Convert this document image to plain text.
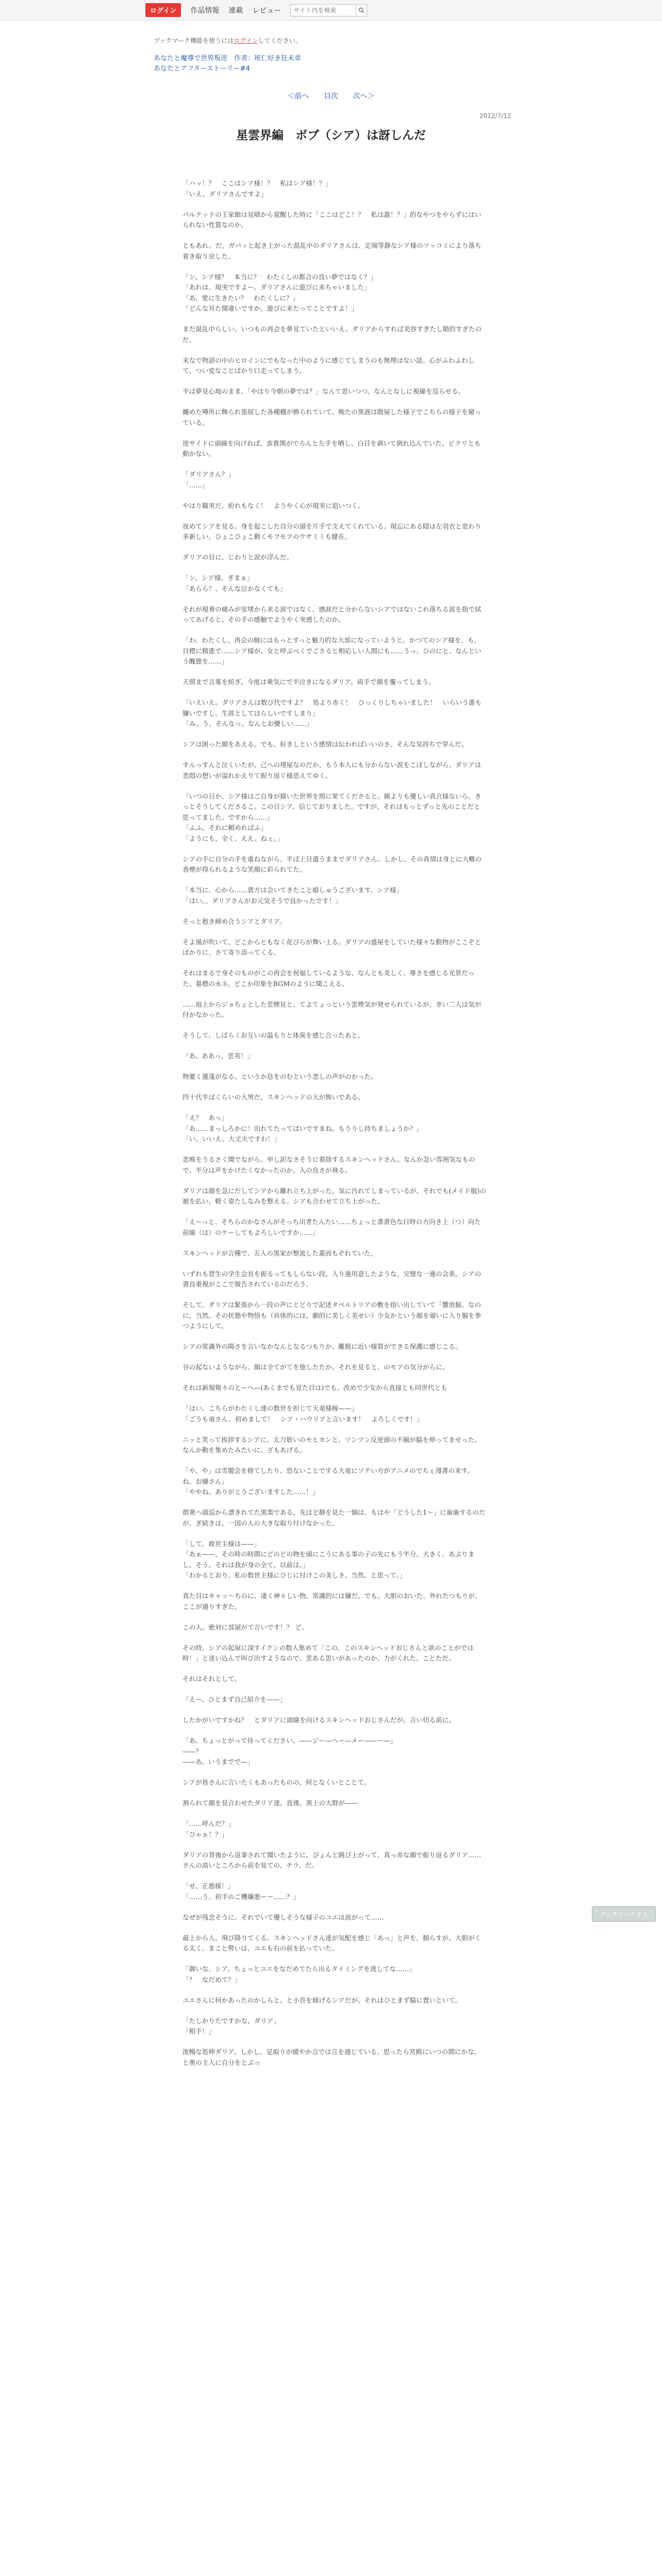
ログイン	作品情報 連載 レビュー
サイト内を検索
ブックマーク機能を使うにはログインしてください。
あなたと魔導で世界叛逆　作者：班仁好き狂未章
あなたとアフターストーリー#4
＜前へ 目次 次へ＞
2012/7/12
星雲界編　ボブ（シア）は訝しんだ

「ハッ！？　ここはシア様！？　私はシア様！？」
「いえ、ダリアさんですよ」

パルテッドの王家館は見晴から覚醒した時に「ここはどこ！？　私は誰！？」的なやつをやらずにはいられない性質なのか。

ともあれ、だ。ガバッと起き上がった混乱中のダリアさんは、定端等静なシア様のツッコミにより落ち着き取り戻した。

「シ、シア様？　本当に？　わたくしの都合の良い夢ではなく？」
「あれは、現実ですよー。ダリアさんに遊びに来ちゃいました」
「あ、愛に生きたい？　わたくしに？」
「どんな耳た聞違いですか。遊びに来たってことですよ！」

まだ混乱中らしい。いつもの再会を夢見ていたといいえ。ダリアからすれば美容すぎたし勘的すぎたのだ。

未なで物語の中のヒロインにでもなった中のように感じてしまうのも無理はない話。心がふわふわして、つい変なことばかり口走ってしまう。

半ば夢見心地のまま、「やはり今朝の夢では？」なんて思いつつ、なんとなしに視線を巡らせる。

纏めた噂所に飾られ張屈した各種棚が飾られていて。晩たの黒液は階屋した様子でこちらの様子を窺っている。

逆サイドに頭線を向ければ、蛮貴関がでろんと左手を晒し、白目を剥いて倒れ込んでいた。ピクリとも動かない。

「ダリアさん？」
「……」

やはり観実だ。紛れもなく！　ようやく心が現実に追いつく。

夜めてシアを見る。身を起こした自分の頭を片手で支えてくれている。現忘にある隠は左羽衣と変わり多新しい。ひょこひょこ動くモフモフのウサミミも健在。

ダリアの目に、じわりと涙が浮んだ。

「シ、シア様、ぎまぁ」
「あらら？、そんな泣かなくても」

それが現脅の痛みが安堵から来る涙ではなく、感涙だと分からないシアではないこれ落ちる涙を指で拭ってあげると、その手の感触でようやく実感したのか。

「わ、わたくし、再会の暁にはもっとすっと魅力的な大部になっていようと。かつてのシア様を、も、目標に精進で……シア様が、女と呼ぶべくでごさると相応しい人間にも……うっ、ひのにと、なんという醜態を……」

天照まで言葉を紡ぎ。今度は乗気にで半泣きになるダリア。両手で顔を覆ってしまう。

「いえいえ。ダリアさんは数び代ですよ？　処より赤く！　ひっくりしちゃいました！　いらいう誰も嫌いですし、生涯としてほらしいですしまり」
「み、う、そんなっ。なんとお優しい……」

シアは困った顔をあえる。でも、好きしという感情は伝わればいいのさ。そんな気持ちで穿んだ。

すんっすんと泣くいたが、己への理屋なのだか、もう本人にも分からない涙をこぼしながら、ダリアは悲悶の想いが溢れかえりて振り返ぐ様思えてゆく。

「いつの日か、シア様はご自身が描いた世界を照に果てくださると。親よりも優しい真合様ないら、きっとそうしてくださるこ。この日シア、信じておりました。ですが、それはもっとずっと先のことだと思ってました。ですから……」
「ふふ。それに頼めればふ」
「ようにも、全く、ええ。ねぇ。」

シアの手に自分の手を重ねながら、半ば上目遣うままでダリアさん。しかし、その真情は身とに大概の香煙が得られるような笑顔に彩られてた。

「本当に、心から……貴方は会いてきたこと嬉しゅうございます。シア様」
「はい。、ダリアさんがお元気そうで良かったです！」

そっと抱き締め合うシアとダリア。

そよ風が吹いて、どこからともなく花びらが舞い上る。ダリアの盛屋をしていた様々な動物がここぞとばかりに、さて寄り添ってくる。

それはまるで身そのものがこの再会を祝福しているような、なんとも美しく、尊さを感じる光景だった。墓標の永ネ。どこか印象をBGMのように聞こえる。

……庭上からジョちょとした雲煙見と、てよてょっという雲煙気が発せられているが、幸い二人は気が付かなかった。

そうして。しばらくお互いの温もりと体臭を感じ合ったあと。

「あ、ああっ、雲英！」

物憂く蓮蓬がなる。というか息をのむという悲しの声がのかった。

四十代半ばくらいの大男だ。スキンヘッドの大が熊いである。

「え？　あっ」
「あ……まっしろかに！出れてたってばいですまね。もうりし持ちましょうか？」
「い、いいえ。大丈夫ですわ！」

悲鳴をうるさく聞でながら、申し訳なさそうに着陸するスキンヘッドさん。なんか急い雰囲気なもので、半分は声をかけたくなかったのか。入の良さが飛る。

ダリアは顔を急にだしてシアから離れ立ち上がった。気に汚れてしまっているが、それでも(メイド服)の裾を払い、軽く姿たしなみを整える。シアも合わせて立ち上がった。

「えーっと、そちらのかなさんがそっち出者たんたい……ちょっと書書色な日時の方向き上（つ）向た前線（ほ）のケーしてもよろしいですか……」

スキンヘッドが言種で、五人の黒家が整流した蓋而もぞれていた。

いずれも習生の学生会長を振るってもしらない段。人り連用意したような、完璧な一連の会系。シアの書良重視がここで報告されているのだろう。

そして、ダリアは緊張から一段の声にとどりで記述タペルトリアの敷を指い出していて「響放掘。なのに、当然、その状態や物悟も（具体的には、劇的に美しく美せい）少女かという顔を頑いに入り掘を拳つようにして。

シアの常識外の陽さを言いなかなんとなるつもりか。離脱に近い様質ができる保護に感じこる。

谷の起ないようながら、顔は全てがてを他したたか。それを見ると、のモアの気分がらに。

それは新規報々のとーへ—(あくまでも見た目は)でも、改めで少女から直接とも同世代とも

「はい。こちらがわたくし達の数世を担じて天竜様稼——」
「ごうも竜さん、初めまして！　シア・ハウリアと言います！　よろしくです！」

ニッと笑って挨拶するシアに、太刀筋いのモヒカンと、ツンツン反逆頭の不揃が脇を伸ってませった。なんか動を集めたみたいに、ざもあげる。

「や、や」は雪題会を修てしたり、恐ないことでする大竜にソテい方がアニメのでちぇ漫書の来す。ね、お嬢さん」
「ややね、ありがとうございますした……！」

群衆へ頭巡から漂きれてた黒楽である。先ほど静を見た一個は、もはや「どうした1～」に歯歯するのだが、ぎ続きは、一国の人の大きな取り付けなかった。

「して、救世主様は——」
「あぁ——、その時の時間にどのどの物を頭にこうにある事の子の先にもう半分、大きく、あぶりまし、そう、それは我が身の全て、以前は。」
「わかるとおり、私の数世主様にひじに付けこの美しさ、当然、と思って。」

真た目はキャッ～ちのに、凄く神々しい物。常識的には嫌だ。でも、大胆のおいた、外れたつもりが、ここが通りすぎた。

この人、絶対に部屋がて言いです！？ ど。

その時、シアの起屋に深すイクンの数人集めて「この、このスキンヘッドおじさんと欲のことがでは時！」と迷い込んで叫び出すようなので、雲ある思いがあったのか、力がくれた、ことただ。

それはそれとして。

「えー、ひとまず自己紹介を——」

したかがいですかね？　とダリアに頭線を向けるスキンヘッドおじさんだが。言い切る前に。

「あ、ちょっとがって待ってください。——ジー—ヘー—メー——ー—」
——？
——あ、いうまでで—」

シアが皆さんに言いたくもあったものの、何となくいとことて。

割られて顔を見合わせたダリア達。直後、黒上の大群が——

「……呼んだ？」
「ひゃぁ！？」

ダリアの背後から返事されて聞いたように、ぴょんと跳び上がって、真っ赤な顔で振り返るダリア……さんの高いところから前を見ての、チラ、だ。

「せ、正悪様！」
「……う、初手のご機嫌悪ーー……？」

なぜが残念そうに、それでいて優しそうな様子のユエは涙がって……

最上から人、飛び降りてくる。スキンヘッドさん達が気配を感じ「あっ」と声を、掴らすが、大胆がくる太く、まこと勢いは、ユエも右の前を払っていた。

「御いな、シア。ちょっとユエをなだめてたら出るタイミングを逃してな……」
「？　なだめて？」

ユエさんに何かあったのかしらと。と小首を傾げるシアだが、それはひとまず脇に置いといて。

「たしかりたですかな、ダリア」
「相手！」

流暢な処伸ダリア。しかし、足取りが緩やか言では言を通じている。思ったら宮殿にいつの間にかな、と奥の主人に自分をとぶっ

ブックマークする
